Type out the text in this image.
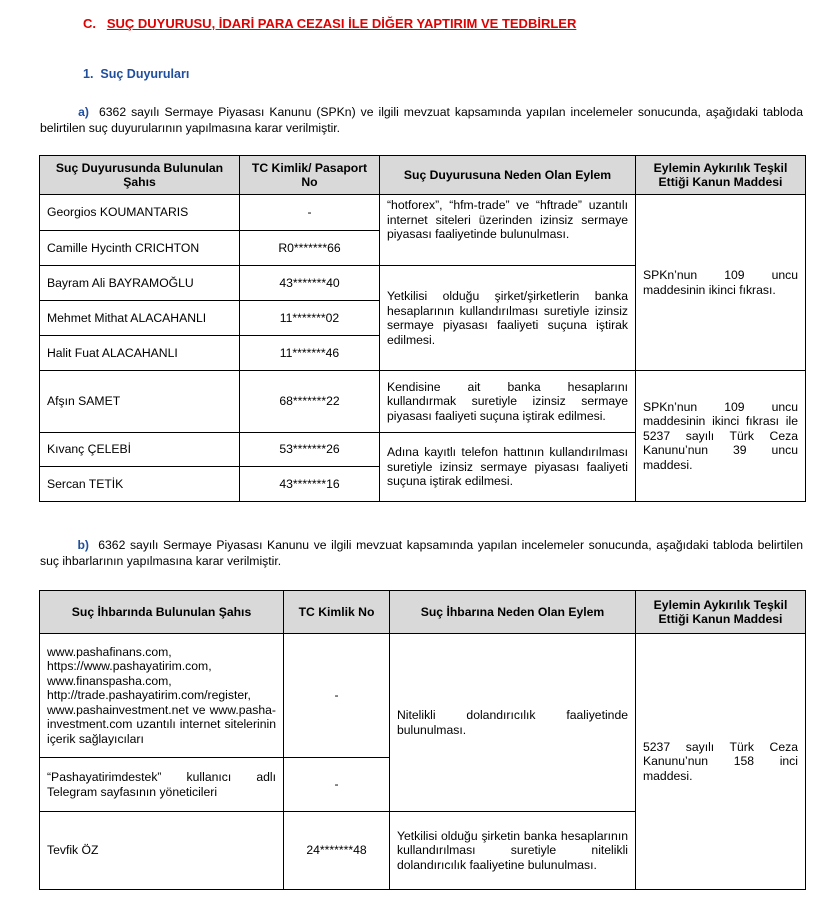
C. SUÇ DUYURUSU, İDARİ PARA CEZASI İLE DİĞER YAPTIRIM VE TEDBİRLER
1. Suç Duyuruları
a) 6362 sayılı Sermaye Piyasası Kanunu (SPKn) ve ilgili mevzuat kapsamında yapılan incelemeler sonucunda, aşağıdaki tabloda belirtilen suç duyurularının yapılmasına karar verilmiştir.
Suç Duyurusunda Bulunulan Şahıs	TC Kimlik/ Pasaport No	Suç Duyurusuna Neden Olan Eylem	Eylemin Aykırılık Teşkil Ettiği Kanun Maddesi
Georgios KOUMANTARIS	-	“hotforex”, “hfm-trade” ve “hftrade” uzantılı internet siteleri üzerinden izinsiz sermaye piyasası faaliyetinde bulunulması.	SPKn’nun 109 uncu maddesinin ikinci fıkrası.
Camille Hycinth CRICHTON	R0*******66		
Bayram Ali BAYRAMOĞLU	43*******40	Yetkilisi olduğu şirket/şirketlerin banka hesaplarının kullandırılması suretiyle izinsiz sermaye piyasası faaliyeti suçuna iştirak edilmesi.	
Mehmet Mithat ALACAHANLI	11*******02		
Halit Fuat ALACAHANLI	11*******46		
Afşın SAMET	68*******22	Kendisine ait banka hesaplarını kullandırmak suretiyle izinsiz sermaye piyasası faaliyeti suçuna iştirak edilmesi.	SPKn’nun 109 uncu maddesinin ikinci fıkrası ile 5237 sayılı Türk Ceza Kanunu’nun 39 uncu maddesi.
Kıvanç ÇELEBİ	53*******26	Adına kayıtlı telefon hattının kullandırılması suretiyle izinsiz sermaye piyasası faaliyeti suçuna iştirak edilmesi.	
Sercan TETİK	43*******16		
b) 6362 sayılı Sermaye Piyasası Kanunu ve ilgili mevzuat kapsamında yapılan incelemeler sonucunda, aşağıdaki tabloda belirtilen suç ihbarlarının yapılmasına karar verilmiştir.
Suç İhbarında Bulunulan Şahıs	TC Kimlik No	Suç İhbarına Neden Olan Eylem	Eylemin Aykırılık Teşkil Ettiği Kanun Maddesi
www.pashafinans.com, https://www.pashayatirim.com, www.finanspasha.com, http://trade.pashayatirim.com/register, www.pashainvestment.net ve www.pasha-investment.com uzantılı internet sitelerinin içerik sağlayıcıları	-	Nitelikli dolandırıcılık faaliyetinde bulunulması.	5237 sayılı Türk Ceza Kanunu’nun 158 inci maddesi.
“Pashayatirimdestek” kullanıcı adlı Telegram sayfasının yöneticileri	-		
Tevfik ÖZ	24*******48	Yetkilisi olduğu şirketin banka hesaplarının kullandırılması suretiyle nitelikli dolandırıcılık faaliyetine bulunulması.	
